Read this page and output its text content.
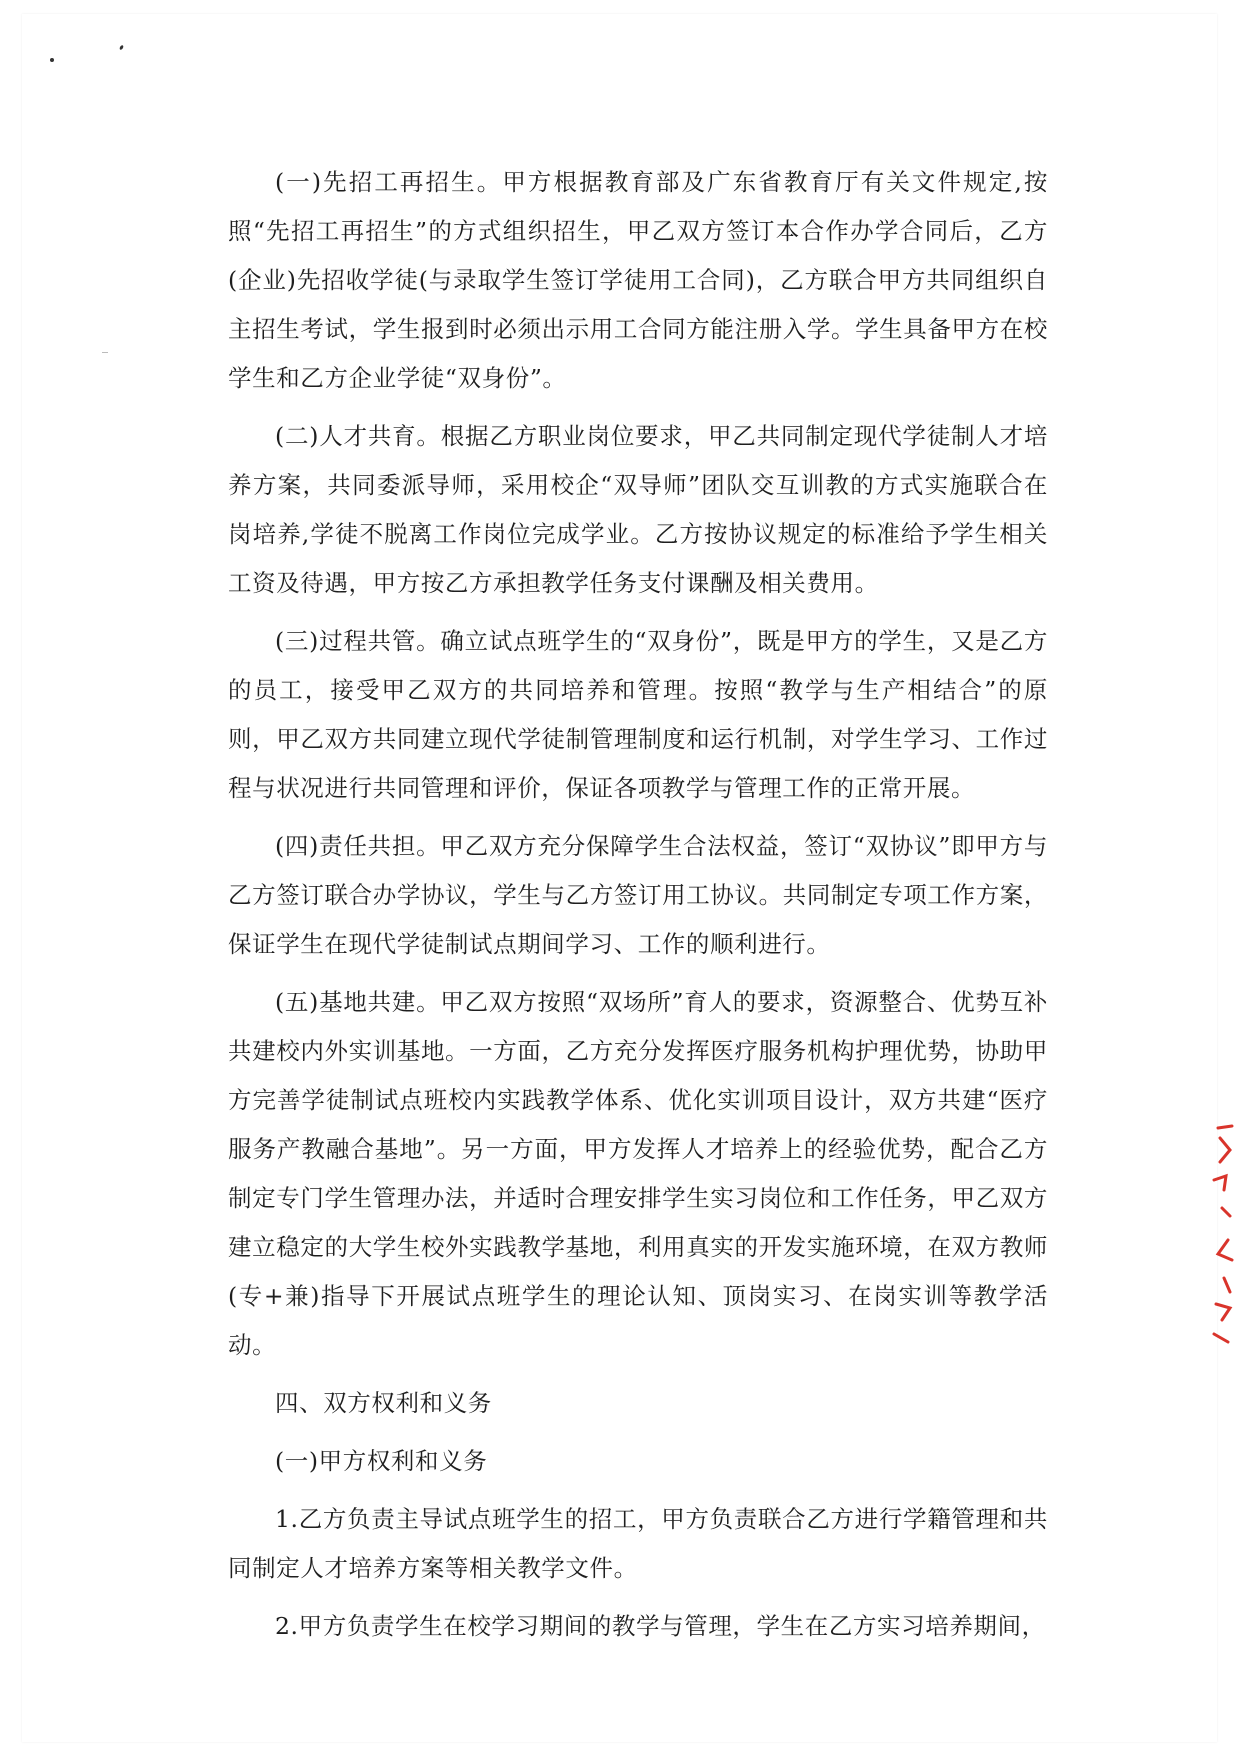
(一)先招工再招生。甲方根据教育部及广东省教育厅有关文件规定,按照“先招工再招生”的方式组织招生，甲乙双方签订本合作办学合同后，乙方(企业)先招收学徒(与录取学生签订学徒用工合同)，乙方联合甲方共同组织自主招生考试，学生报到时必须出示用工合同方能注册入学。学生具备甲方在校学生和乙方企业学徒“双身份”。

(二)人才共育。根据乙方职业岗位要求，甲乙共同制定现代学徒制人才培养方案，共同委派导师，采用校企“双导师”团队交互训教的方式实施联合在岗培养,学徒不脱离工作岗位完成学业。乙方按协议规定的标准给予学生相关工资及待遇，甲方按乙方承担教学任务支付课酬及相关费用。

(三)过程共管。确立试点班学生的“双身份”，既是甲方的学生，又是乙方的员工，接受甲乙双方的共同培养和管理。按照“教学与生产相结合”的原则，甲乙双方共同建立现代学徒制管理制度和运行机制，对学生学习、工作过程与状况进行共同管理和评价，保证各项教学与管理工作的正常开展。

(四)责任共担。甲乙双方充分保障学生合法权益，签订“双协议”即甲方与乙方签订联合办学协议，学生与乙方签订用工协议。共同制定专项工作方案，保证学生在现代学徒制试点期间学习、工作的顺利进行。

(五)基地共建。甲乙双方按照“双场所”育人的要求，资源整合、优势互补共建校内外实训基地。一方面，乙方充分发挥医疗服务机构护理优势，协助甲方完善学徒制试点班校内实践教学体系、优化实训项目设计，双方共建“医疗服务产教融合基地”。另一方面，甲方发挥人才培养上的经验优势，配合乙方制定专门学生管理办法，并适时合理安排学生实习岗位和工作任务，甲乙双方建立稳定的大学生校外实践教学基地，利用真实的开发实施环境，在双方教师(专+兼)指导下开展试点班学生的理论认知、顶岗实习、在岗实训等教学活动。

四、双方权利和义务

(一)甲方权利和义务

1.乙方负责主导试点班学生的招工，甲方负责联合乙方进行学籍管理和共同制定人才培养方案等相关教学文件。

2.甲方负责学生在校学习期间的教学与管理，学生在乙方实习培养期间，
